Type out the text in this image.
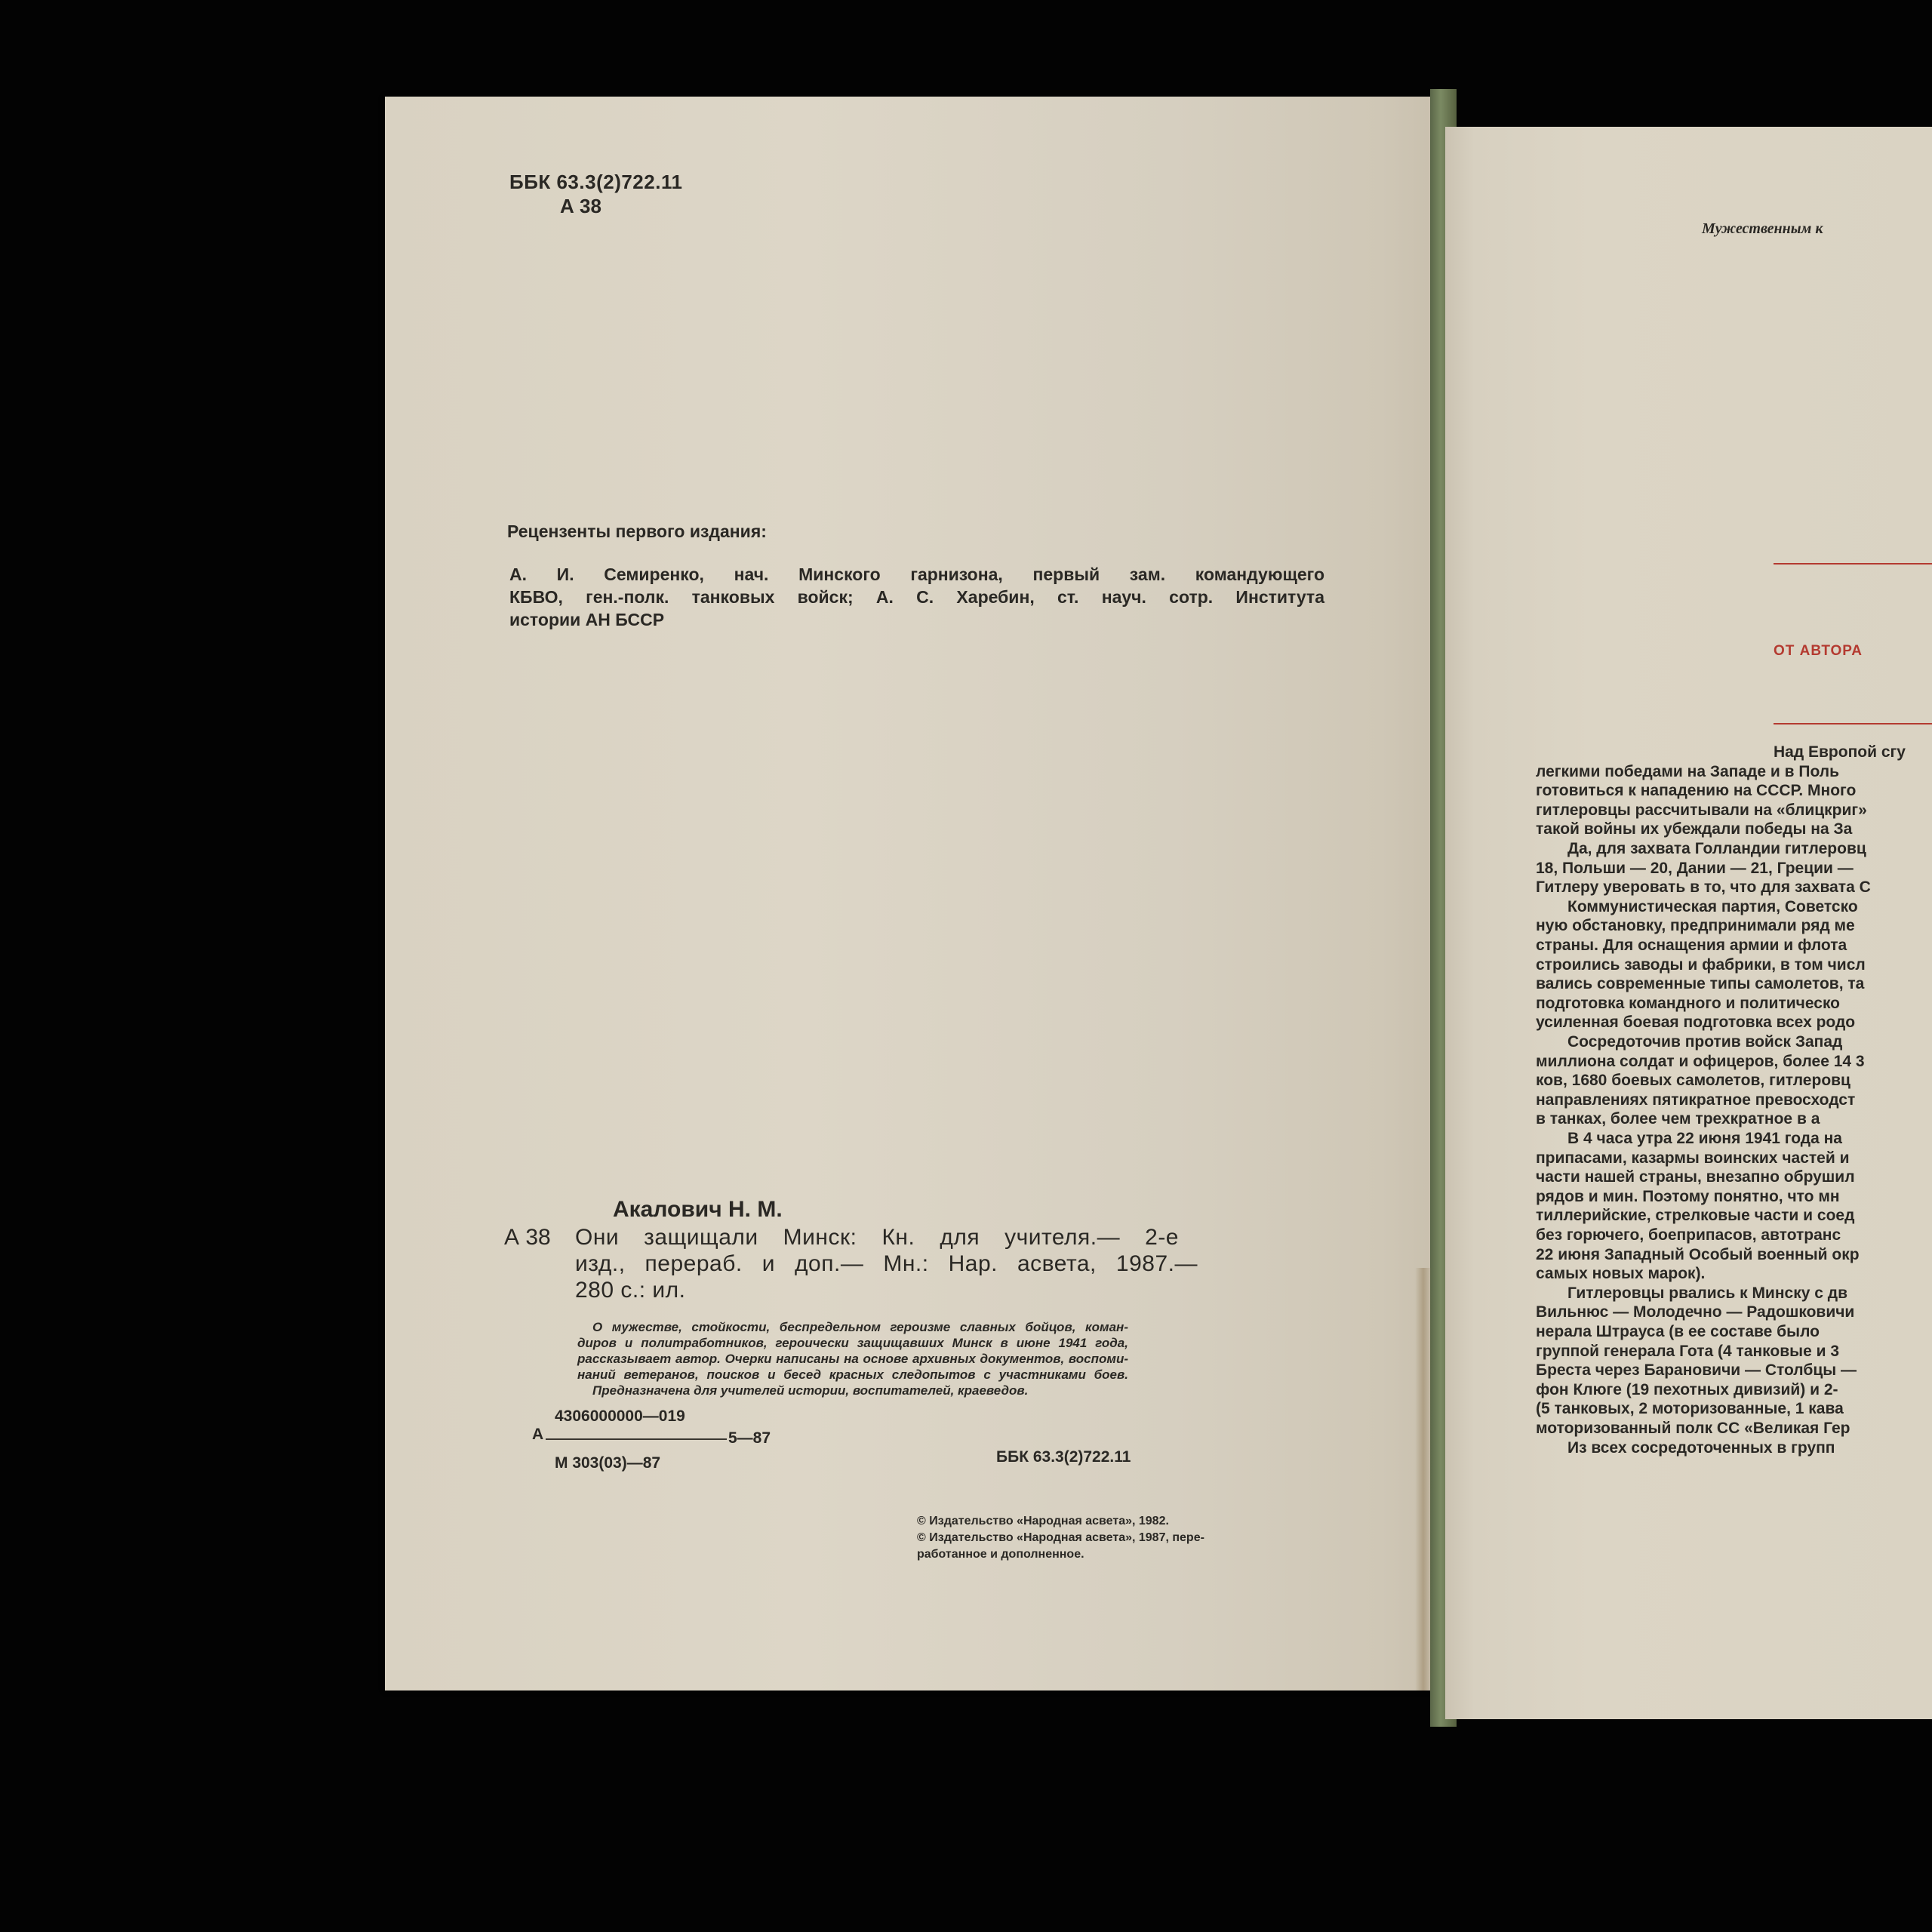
ББК 63.3(2)722.11
А 38
Рецензенты первого издания:
А. И. Семиренко, нач. Минского гарнизона, первый зам. командующего
КБВО, ген.-полк. танковых войск; А. С. Харебин, ст. науч. сотр. Института
истории АН БССР
Акалович Н. М.
А 38 Они защищали Минск: Кн. для учителя.— 2-е
изд., перераб. и доп.— Мн.: Нар. асвета, 1987.—
280 с.: ил.
О мужестве, стойкости, беспредельном героизме славных бойцов, коман-
диров и политработников, героически защищавших Минск в июне 1941 года,
рассказывает автор. Очерки написаны на основе архивных документов, воспоми-
наний ветеранов, поисков и бесед красных следопытов с участниками боев.
Предназначена для учителей истории, воспитателей, краеведов.
4306000000—019
А	5—87
М 303(03)—87	ББК 63.3(2)722.11
© Издательство «Народная асвета», 1982.
© Издательство «Народная асвета», 1987, пере-
работанное и дополненное.
Мужественным к
ОТ АВТОРА
Над Европой сгу
легкими победами на Западе и в Поль
готовиться к нападению на СССР. Много
гитлеровцы рассчитывали на «блицкриг»
такой войны их убеждали победы на За
Да, для захвата Голландии гитлеровц
18, Польши — 20, Дании — 21, Греции —
Гитлеру уверовать в то, что для захвата С
Коммунистическая партия, Советско
ную обстановку, предпринимали ряд ме
страны. Для оснащения армии и флота
строились заводы и фабрики, в том числ
вались современные типы самолетов, та
подготовка командного и политическо
усиленная боевая подготовка всех родо
Сосредоточив против войск Запад
миллиона солдат и офицеров, более 14 3
ков, 1680 боевых самолетов, гитлеровц
направлениях пятикратное превосходст
в танках, более чем трехкратное в а
В 4 часа утра 22 июня 1941 года на
припасами, казармы воинских частей и
части нашей страны, внезапно обрушил
рядов и мин. Поэтому понятно, что мн
тиллерийские, стрелковые части и соед
без горючего, боеприпасов, автотранс
22 июня Западный Особый военный окр
самых новых марок).
Гитлеровцы рвались к Минску с дв
Вильнюс — Молодечно — Радошковичи
нерала Штрауса (в ее составе было
группой генерала Гота (4 танковые и 3
Бреста через Барановичи — Столбцы —
фон Клюге (19 пехотных дивизий) и 2-
(5 танковых, 2 моторизованные, 1 кава
моторизованный полк СС «Великая Гер
Из всех сосредоточенных в групп
